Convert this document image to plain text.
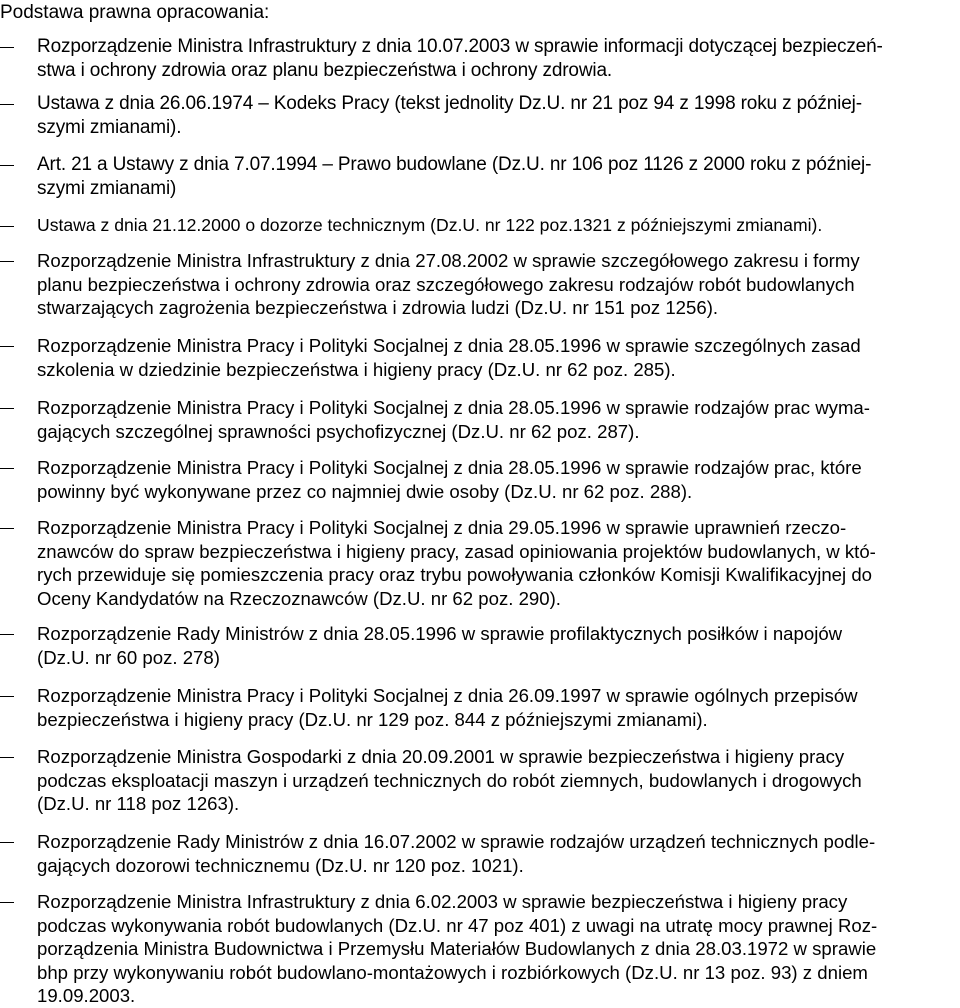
Podstawa prawna opracowania:
Rozporządzenie Ministra Infrastruktury z dnia 10.07.2003 w sprawie informacji dotyczącej bezpieczeń-
stwa i ochrony zdrowia oraz planu bezpieczeństwa i ochrony zdrowia.
Ustawa z dnia 26.06.1974 – Kodeks Pracy (tekst jednolity Dz.U. nr 21 poz 94 z 1998 roku z później-
szymi zmianami).
Art. 21 a Ustawy z dnia 7.07.1994 – Prawo budowlane (Dz.U. nr 106 poz 1126 z 2000 roku z później-
szymi zmianami)
Ustawa z dnia 21.12.2000 o dozorze technicznym (Dz.U. nr 122 poz.1321 z późniejszymi zmianami).
Rozporządzenie Ministra Infrastruktury z dnia 27.08.2002 w sprawie szczegółowego zakresu i formy
planu bezpieczeństwa i ochrony zdrowia oraz szczegółowego zakresu rodzajów robót budowlanych
stwarzających zagrożenia bezpieczeństwa i zdrowia ludzi (Dz.U. nr 151 poz 1256).
Rozporządzenie Ministra Pracy i Polityki Socjalnej z dnia 28.05.1996 w sprawie szczególnych zasad
szkolenia w dziedzinie bezpieczeństwa i higieny pracy (Dz.U. nr 62 poz. 285).
Rozporządzenie Ministra Pracy i Polityki Socjalnej z dnia 28.05.1996 w sprawie rodzajów prac wyma-
gających szczególnej sprawności psychofizycznej (Dz.U. nr 62 poz. 287).
Rozporządzenie Ministra Pracy i Polityki Socjalnej z dnia 28.05.1996 w sprawie rodzajów prac, które
powinny być wykonywane przez co najmniej dwie osoby (Dz.U. nr 62 poz. 288).
Rozporządzenie Ministra Pracy i Polityki Socjalnej z dnia 29.05.1996 w sprawie uprawnień rzeczo-
znawców do spraw bezpieczeństwa i higieny pracy, zasad opiniowania projektów budowlanych, w któ-
rych przewiduje się pomieszczenia pracy oraz trybu powoływania członków Komisji Kwalifikacyjnej do
Oceny Kandydatów na Rzeczoznawców (Dz.U. nr 62 poz. 290).
Rozporządzenie Rady Ministrów z dnia 28.05.1996 w sprawie profilaktycznych posiłków i napojów
(Dz.U. nr 60 poz. 278)
Rozporządzenie Ministra Pracy i Polityki Socjalnej z dnia 26.09.1997 w sprawie ogólnych przepisów
bezpieczeństwa i higieny pracy (Dz.U. nr 129 poz. 844 z późniejszymi zmianami).
Rozporządzenie Ministra Gospodarki z dnia 20.09.2001 w sprawie bezpieczeństwa i higieny pracy
podczas eksploatacji maszyn i urządzeń technicznych do robót ziemnych, budowlanych i drogowych
(Dz.U. nr 118 poz 1263).
Rozporządzenie Rady Ministrów z dnia 16.07.2002 w sprawie rodzajów urządzeń technicznych podle-
gających dozorowi technicznemu (Dz.U. nr 120 poz. 1021).
Rozporządzenie Ministra Infrastruktury z dnia 6.02.2003 w sprawie bezpieczeństwa i higieny pracy
podczas wykonywania robót budowlanych (Dz.U. nr 47 poz 401) z uwagi na utratę mocy prawnej Roz-
porządzenia Ministra Budownictwa i Przemysłu Materiałów Budowlanych z dnia 28.03.1972 w sprawie
bhp przy wykonywaniu robót budowlano-montażowych i rozbiórkowych (Dz.U. nr 13 poz. 93) z dniem
19.09.2003.
